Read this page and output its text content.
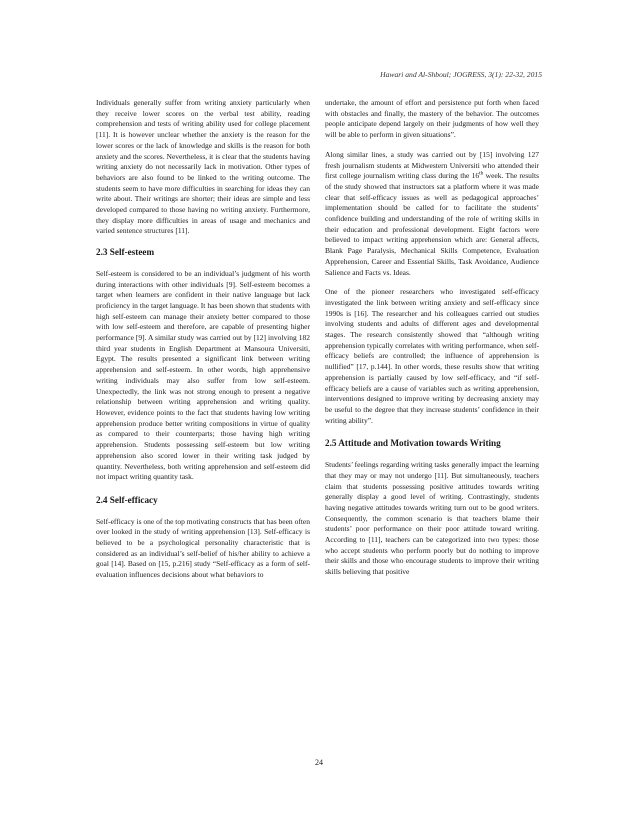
Hawari and Al-Shboul; JOGRESS, 3(1): 22-32, 2015

Individuals generally suffer from writing anxiety particularly when they receive lower scores on the verbal test ability, reading comprehension and tests of writing ability used for college placement [11]. It is however unclear whether the anxiety is the reason for the lower scores or the lack of knowledge and skills is the reason for both anxiety and the scores. Nevertheless, it is clear that the students having writing anxiety do not necessarily lack in motivation. Other types of behaviors are also found to be linked to the writing outcome. The students seem to have more difficulties in searching for ideas they can write about. Their writings are shorter; their ideas are simple and less developed compared to those having no writing anxiety. Furthermore, they display more difficulties in areas of usage and mechanics and varied sentence structures [11].

2.3 Self-esteem

Self-esteem is considered to be an individual’s judgment of his worth during interactions with other individuals [9]. Self-esteem becomes a target when learners are confident in their native language but lack proficiency in the target language. It has been shown that students with high self-esteem can manage their anxiety better compared to those with low self-esteem and therefore, are capable of presenting higher performance [9]. A similar study was carried out by [12] involving 182 third year students in English Department at Mansoura Universiti, Egypt. The results presented a significant link between writing apprehension and self-esteem. In other words, high apprehensive writing individuals may also suffer from low self-esteem. Unexpectedly, the link was not strong enough to present a negative relationship between writing apprehension and writing quality. However, evidence points to the fact that students having low writing apprehension produce better writing compositions in virtue of quality as compared to their counterparts; those having high writing apprehension. Students possessing self-esteem but low writing apprehension also scored lower in their writing task judged by quantity. Nevertheless, both writing apprehension and self-esteem did not impact writing quantity task.

2.4 Self-efficacy

Self-efficacy is one of the top motivating constructs that has been often over looked in the study of writing apprehension [13]. Self-efficacy is believed to be a psychological personality characteristic that is considered as an individual’s self-belief of his/her ability to achieve a goal [14]. Based on [15, p.216] study “Self-efficacy as a form of self-evaluation influences decisions about what behaviors to

undertake, the amount of effort and persistence put forth when faced with obstacles and finally, the mastery of the behavior. The outcomes people anticipate depend largely on their judgments of how well they will be able to perform in given situations”.

Along similar lines, a study was carried out by [15] involving 127 fresh journalism students at Midwestern Universiti who attended their first college journalism writing class during the 16th week. The results of the study showed that instructors sat a platform where it was made clear that self-efficacy issues as well as pedagogical approaches’ implementation should be called for to facilitate the students’ confidence building and understanding of the role of writing skills in their education and professional development. Eight factors were believed to impact writing apprehension which are: General affects, Blank Page Paralysis, Mechanical Skills Competence, Evaluation Apprehension, Career and Essential Skills, Task Avoidance, Audience Salience and Facts vs. Ideas.

One of the pioneer researchers who investigated self-efficacy investigated the link between writing anxiety and self-efficacy since 1990s is [16]. The researcher and his colleagues carried out studies involving students and adults of different ages and developmental stages. The research consistently showed that “although writing apprehension typically correlates with writing performance, when self-efficacy beliefs are controlled; the influence of apprehension is nullified” [17, p.144]. In other words, these results show that writing apprehension is partially caused by low self-efficacy, and “if self-efficacy beliefs are a cause of variables such as writing apprehension, interventions designed to improve writing by decreasing anxiety may be useful to the degree that they increase students’ confidence in their writing ability”.

2.5 Attitude and Motivation towards Writing

Students’ feelings regarding writing tasks generally impact the learning that they may or may not undergo [11]. But simultaneously, teachers claim that students possessing positive attitudes towards writing generally display a good level of writing. Contrastingly, students having negative attitudes towards writing turn out to be good writers. Consequently, the common scenario is that teachers blame their students’ poor performance on their poor attitude toward writing. According to [11], teachers can be categorized into two types: those who accept students who perform poorly but do nothing to improve their skills and those who encourage students to improve their writing skills believing that positive

24
